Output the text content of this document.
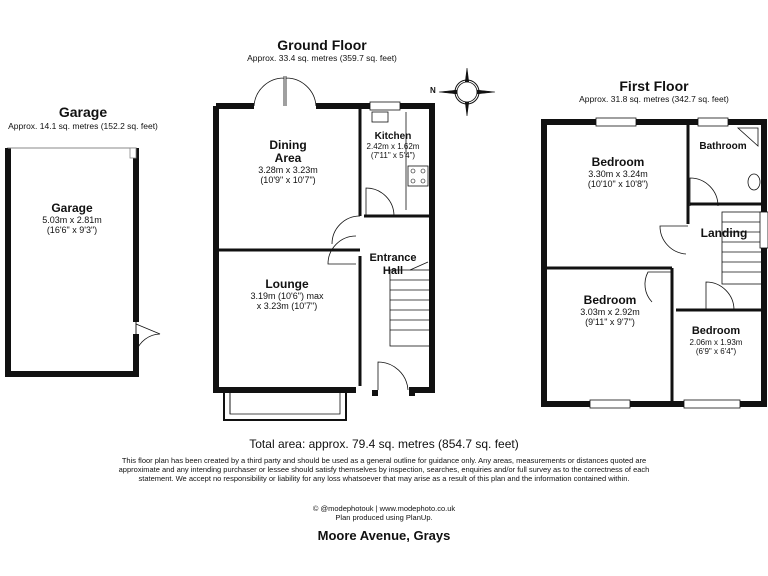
N
Ground Floor
Approx. 33.4 sq. metres (359.7 sq. feet)
Garage
Approx. 14.1 sq. metres (152.2 sq. feet)
First Floor
Approx. 31.8 sq. metres (342.7 sq. feet)
Garage
5.03m x 2.81m
(16'6" x 9'3")
Dining
Area
3.28m x 3.23m
(10'9" x 10'7")
Kitchen
2.42m x 1.62m
(7'11" x 5'4")
Lounge
3.19m (10'6") max
x 3.23m (10'7")
Entrance
Hall
Bedroom
3.30m x 3.24m
(10'10" x 10'8")
Bathroom
Landing
Bedroom
3.03m x 2.92m
(9'11" x 9'7")
Bedroom
2.06m x 1.93m
(6'9" x 6'4")
Total area: approx. 79.4 sq. metres (854.7 sq. feet)
This floor plan has been created by a third party and should be used as a general outline for guidance only. Any areas, measurements or distances quoted are approximate and any intending purchaser or lessee should satisfy themselves by inspection, searches, enquiries and/or full survey as to the correctness of each statement. We accept no responsibility or liability for any loss whatsoever that may arise as a result of this plan and the information contained within.
© @modephotouk | www.modephoto.co.uk
Plan produced using PlanUp.
Moore Avenue, Grays
